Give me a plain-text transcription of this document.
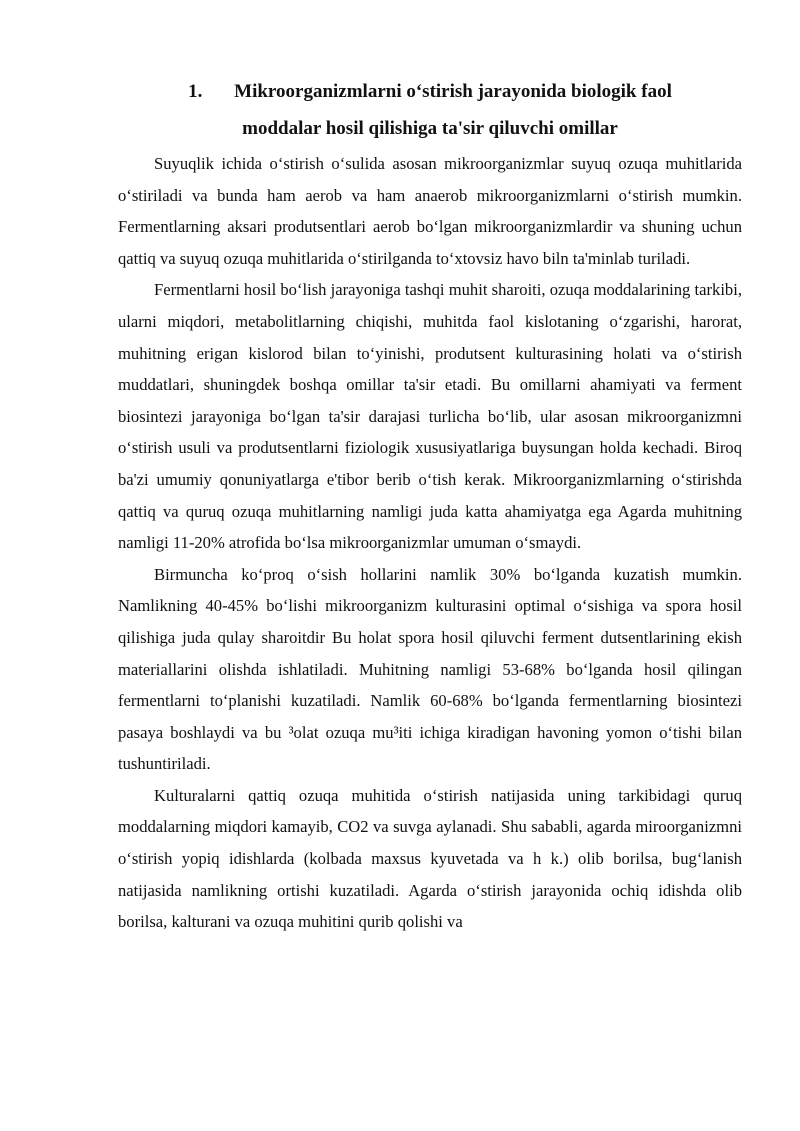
1. Mikroorganizmlarni o‘stirish jarayonida biologik faol
moddalar hosil qilishiga ta'sir qiluvchi omillar

Suyuqlik ichida o‘stirish o‘sulida asosan mikroorganizmlar suyuq ozuqa muhitlarida o‘stiriladi va bunda ham aerob va ham anaerob mikroorganizmlarni o‘stirish mumkin. Fermentlarning aksari produtsentlari aerob bo‘lgan mikroorganizmlardir va shuning uchun qattiq va suyuq ozuqa muhitlarida o‘stirilganda to‘xtovsiz havo biln ta'minlab turiladi.

Fermentlarni hosil bo‘lish jarayoniga tashqi muhit sharoiti, ozuqa moddalarining tarkibi, ularni miqdori, metabolitlarning chiqishi, muhitda faol kislotaning o‘zgarishi, harorat, muhitning erigan kislorod bilan to‘yinishi, produtsent kulturasining holati va o‘stirish muddatlari, shuningdek boshqa omillar ta'sir etadi. Bu omillarni ahamiyati va ferment biosintezi jarayoniga bo‘lgan ta'sir darajasi turlicha bo‘lib, ular asosan mikroorganizmni o‘stirish usuli va produtsentlarni fiziologik xususiyatlariga buysungan holda kechadi. Biroq ba'zi umumiy qonuniyatlarga e'tibor berib o‘tish kerak. Mikroorganizmlarning o‘stirishda qattiq va quruq ozuqa muhitlarning namligi juda katta ahamiyatga ega Agarda muhitning namligi 11-20% atrofida bo‘lsa mikroorganizmlar umuman o‘smaydi.

Birmuncha ko‘proq o‘sish hollarini namlik 30% bo‘lganda kuzatish mumkin. Namlikning 40-45% bo‘lishi mikroorganizm kulturasini optimal o‘sishiga va spora hosil qilishiga juda qulay sharoitdir Bu holat spora hosil qiluvchi ferment dutsentlarining ekish materiallarini olishda ishlatiladi. Muhitning namligi 53-68% bo‘lganda hosil qilingan fermentlarni to‘planishi kuzatiladi. Namlik 60-68% bo‘lganda fermentlarning biosintezi pasaya boshlaydi va bu ³olat ozuqa mu³iti ichiga kiradigan havoning yomon o‘tishi bilan tushuntiriladi.

Kulturalarni qattiq ozuqa muhitida o‘stirish natijasida uning tarkibidagi quruq moddalarning miqdori kamayib, CO2 va suvga aylanadi. Shu sababli, agarda miroorganizmni o‘stirish yopiq idishlarda (kolbada maxsus kyuvetada va h k.) olib borilsa, bug‘lanish natijasida namlikning ortishi kuzatiladi. Agarda o‘stirish jarayonida ochiq idishda olib borilsa, kalturani va ozuqa muhitini qurib qolishi va
